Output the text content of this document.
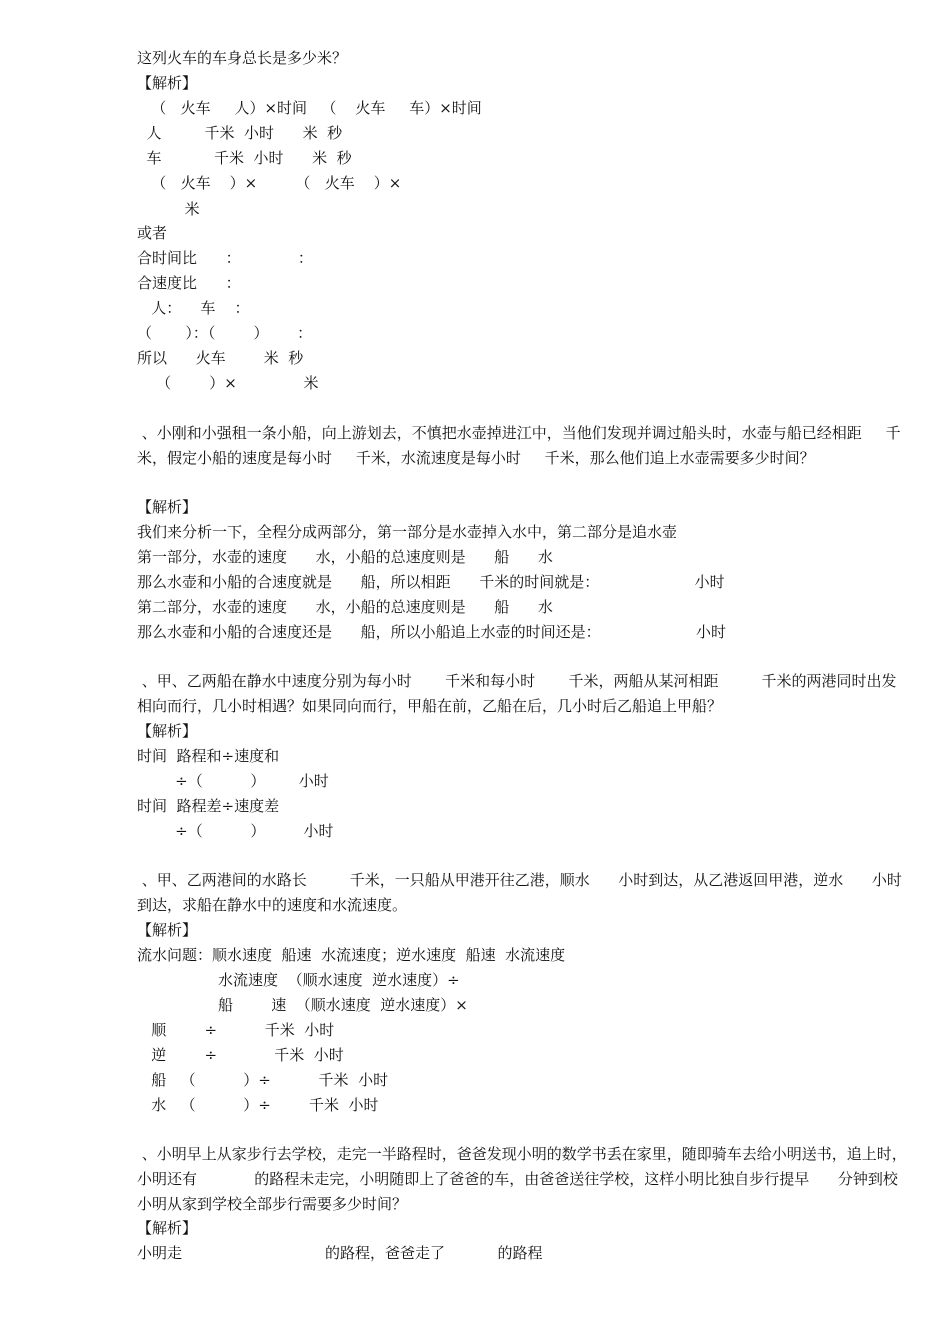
这列火车的车身总长是多少米？
【解析】
（   火车     人）×时间   （    火车     车）×时间
人         千米  小时      米  秒
车           千米  小时      米  秒
（   火车    ）×        （   火车    ）×
米
或者
合时间比      ：            ：
合速度比      ：
人：    车    ：
（       ）：（        ）      ：
所以      火车        米  秒
（        ）×              米
、小刚和小强租一条小船，向上游划去，不慎把水壶掉进江中，当他们发现并调过船头时，水壶与船已经相距     千米，假定小船的速度是每小时     千米，水流速度是每小时     千米，那么他们追上水壶需要多少时间？
【解析】
我们来分析一下，全程分成两部分，第一部分是水壶掉入水中，第二部分是追水壶
第一部分，水壶的速度      水，小船的总速度则是      船      水
那么水壶和小船的合速度就是      船，所以相距      千米的时间就是：                    小时
第二部分，水壶的速度      水，小船的总速度则是      船      水
那么水壶和小船的合速度还是      船，所以小船追上水壶的时间还是：                    小时
、甲、乙两船在静水中速度分别为每小时       千米和每小时       千米，两船从某河相距         千米的两港同时出发相向而行，几小时相遇？如果同向而行，甲船在前，乙船在后，几小时后乙船追上甲船？
【解析】
时间  路程和÷速度和
÷（          ）       小时
时间  路程差÷速度差
÷（          ）        小时
、甲、乙两港间的水路长         千米，一只船从甲港开往乙港，顺水      小时到达，从乙港返回甲港，逆水      小时到达，求船在静水中的速度和水流速度。
【解析】
流水问题：顺水速度  船速  水流速度；逆水速度  船速  水流速度
水流速度  （顺水速度  逆水速度）÷
船        速  （顺水速度  逆水速度）×
顺        ÷          千米  小时
逆        ÷            千米  小时
船   （          ）÷          千米  小时
水   （          ）÷        千米  小时
、小明早上从家步行去学校，走完一半路程时，爸爸发现小明的数学书丢在家里，随即骑车去给小明送书，追上时，小明还有            的路程未走完，小明随即上了爸爸的车，由爸爸送往学校，这样小明比独自步行提早      分钟到校  小明从家到学校全部步行需要多少时间？
【解析】
小明走                              的路程，爸爸走了           的路程
